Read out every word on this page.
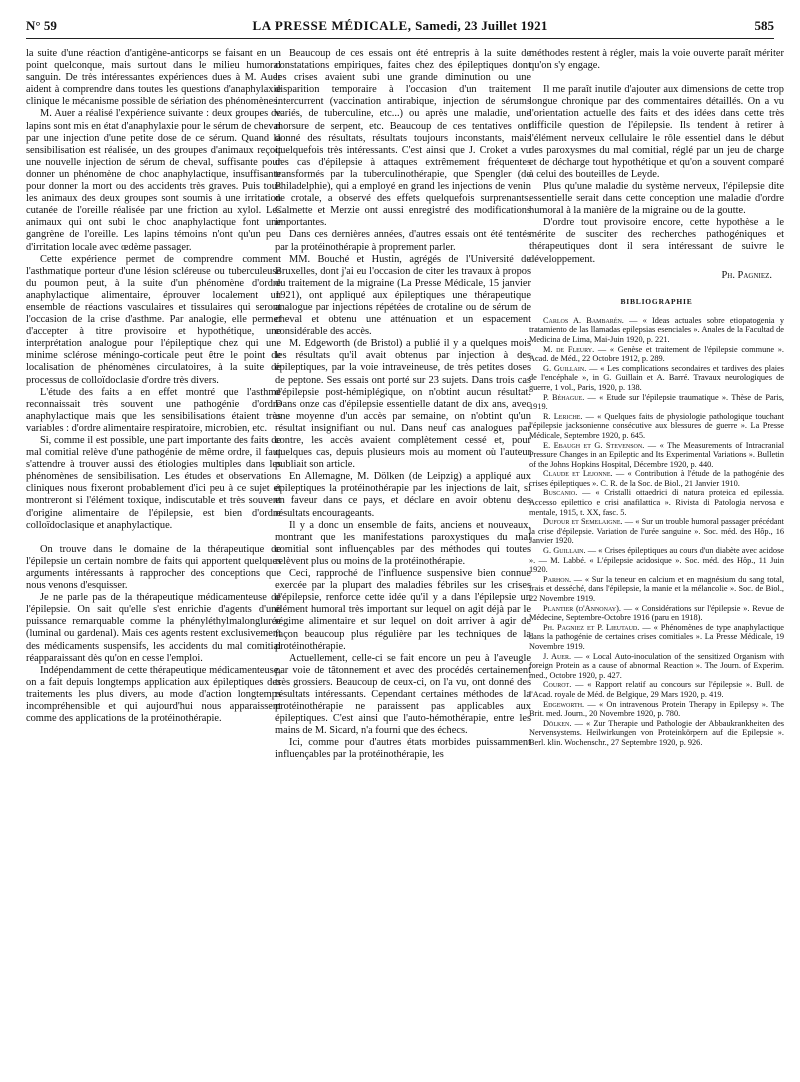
N° 59	LA PRESSE MÉDICALE, Samedi, 23 Juillet 1921	585

la suite d'une réaction d'antigène-anticorps se faisant en un point quelconque, mais surtout dans le milieu humoral sanguin. De très intéressantes expériences dues à M. Auer aident à comprendre dans toutes les questions d'anaphylaxie clinique le mécanisme possible de sériation des phénomènes.

M. Auer a réalisé l'expérience suivante : deux groupes de lapins sont mis en état d'anaphylaxie pour le sérum de cheval par une injection d'une petite dose de ce sérum. Quand la sensibilisation est réalisée, un des groupes d'animaux reçoit une nouvelle injection de sérum de cheval, suffisante pour donner un phénomène de choc anaphylactique, insuffisante pour donner la mort ou des accidents très graves. Puis tous les animaux des deux groupes sont soumis à une irritation cutanée de l'oreille réalisée par une friction au xylol. Les animaux qui ont subi le choc anaphylactique font une gangrène de l'oreille. Les lapins témoins n'ont qu'un peu d'irritation locale avec œdème passager.

Cette expérience permet de comprendre comment l'asthmatique porteur d'une lésion scléreuse ou tuberculeuse du poumon peut, à la suite d'un phénomène d'ordre anaphylactique alimentaire, éprouver localement un ensemble de réactions vasculaires et tissulaires qui seront l'occasion de la crise d'asthme. Par analogie, elle permet d'accepter à titre provisoire et hypothétique, une interprétation analogue pour l'épileptique chez qui une minime sclérose méningo-corticale peut être le point de localisation de phénomènes circulatoires, à la suite de processus de colloïdoclasie d'ordre très divers.

L'étude des faits a en effet montré que l'asthme reconnaissait très souvent une pathogénie d'ordre anaphylactique mais que les sensibilisations étaient très variables : d'ordre alimentaire respiratoire, microbien, etc.

Si, comme il est possible, une part importante des faits de mal comitial relève d'une pathogénie de même ordre, il faut s'attendre à trouver aussi des étiologies multiples dans les phénomènes de sensibilisation. Les études et observations cliniques nous fixeront probablement d'ici peu à ce sujet et montreront si l'élément toxique, indiscutable et très souvent d'origine alimentaire de l'épilepsie, est bien d'ordre colloïdoclasique et anaphylactique.

On trouve dans le domaine de la thérapeutique de l'épilepsie un certain nombre de faits qui apportent quelques arguments intéressants à rapprocher des conceptions que nous venons d'esquisser.

Je ne parle pas de la thérapeutique médicamenteuse de l'épilepsie. On sait qu'elle s'est enrichie d'agents d'une puissance remarquable comme la phényléthylmalonglurée (luminal ou gardenal). Mais ces agents restent exclusivement des médicaments suspensifs, les accidents du mal comitial réapparaissant dès qu'on en cesse l'emploi.

Indépendamment de cette thérapeutique médicamenteuse, on a fait depuis longtemps application aux épileptiques des traitements les plus divers, au mode d'action longtemps incompréhensible et qui aujourd'hui nous apparaissent comme des applications de la protéinothérapie.

Beaucoup de ces essais ont été entrepris à la suite de constatations empiriques, faites chez des épileptiques dont les crises avaient subi une grande diminution ou une disparition temporaire à l'occasion d'un traitement intercurrent (vaccination antirabique, injection de sérums variés, de tuberculine, etc...) ou après une maladie, une morsure de serpent, etc. Beaucoup de ces tentatives ont donné des résultats, résultats toujours inconstants, mais quelquefois très intéressants. C'est ainsi que J. Croket a vu des cas d'épilepsie à attaques extrêmement fréquentes transformés par la tuberculinothérapie, que Spengler (de Philadelphie), qui a employé en grand les injections de venin de crotale, a observé des effets quelquefois surprenants. Calmette et Merzie ont aussi enregistré des modifications importantes.

Dans ces dernières années, d'autres essais ont été tentés par la protéinothérapie à proprement parler.

MM. Bouché et Hustin, agrégés de l'Université de Bruxelles, dont j'ai eu l'occasion de citer les travaux à propos du traitement de la migraine (La Presse Médicale, 15 janvier 1921), ont appliqué aux épileptiques une thérapeutique analogue par injections répétées de crotaline ou de sérum de cheval et obtenu une atténuation et un espacement considérable des accès.

M. Edgeworth (de Bristol) a publié il y a quelques mois les résultats qu'il avait obtenus par injection à des épileptiques, par la voie intraveineuse, de très petites doses de peptone. Ses essais ont porté sur 23 sujets. Dans trois cas d'épilepsie post-hémiplégique, on n'obtint aucun résultat. Dans onze cas d'épilepsie essentielle datant de dix ans, avec une moyenne d'un accès par semaine, on n'obtint qu'un résultat insignifiant ou nul. Dans neuf cas analogues par contre, les accès avaient complètement cessé et, pour quelques cas, depuis plusieurs mois au moment où l'auteur publiait son article.

En Allemagne, M. Dölken (de Leipzig) a appliqué aux épileptiques la protéinothérapie par les injections de lait, si en faveur dans ce pays, et déclare en avoir obtenu des résultats encourageants.

Il y a donc un ensemble de faits, anciens et nouveaux, montrant que les manifestations paroxystiques du mal comitial sont influençables par des méthodes qui toutes relèvent plus ou moins de la protéinothérapie.

Ceci, rapproché de l'influence suspensive bien connue exercée par la plupart des maladies fébriles sur les crises d'épilepsie, renforce cette idée qu'il y a dans l'épilepsie un élément humoral très important sur lequel on agit déjà par le régime alimentaire et sur lequel on doit arriver à agir de façon beaucoup plus régulière par les techniques de la protéinothérapie.

Actuellement, celle-ci se fait encore un peu à l'aveugle par voie de tâtonnement et avec des procédés certainement très grossiers. Beaucoup de ceux-ci, on l'a vu, ont donné des résultats intéressants. Cependant certaines méthodes de la protéinothérapie ne paraissent pas applicables aux épileptiques. C'est ainsi que l'auto-hémothérapie, entre les mains de M. Sicard, n'a fourni que des échecs.

Ici, comme pour d'autres états morbides puissamment influençables par la protéinothérapie, les

méthodes restent à régler, mais la voie ouverte paraît mériter qu'on s'y engage.

Il me paraît inutile d'ajouter aux dimensions de cette trop longue chronique par des commentaires détaillés. On a vu l'orientation actuelle des faits et des idées dans cette très difficile question de l'épilepsie. Ils tendent à retirer à l'élément nerveux cellulaire le rôle essentiel dans le début des paroxysmes du mal comitial, réglé par un jeu de charge et de décharge tout hypothétique et qu'on a souvent comparé à celui des bouteilles de Leyde.

Plus qu'une maladie du système nerveux, l'épilepsie dite essentielle serait dans cette conception une maladie d'ordre humoral à la manière de la migraine ou de la goutte.

D'ordre tout provisoire encore, cette hypothèse a le mérite de susciter des recherches pathogéniques et thérapeutiques dont il sera intéressant de suivre le développement.

Ph. Pagniez.
BIBLIOGRAPHIE

Carlos A. Bambarén. — « Ideas actuales sobre etiopatogenia y tratamiento de las llamadas epilepsias esenciales ». Anales de la Facultad de Medicina de Lima, Mai-Juin 1920, p. 221.

M. de Fleury. — « Genèse et traitement de l'épilepsie commune ». Acad. de Méd., 22 Octobre 1912, p. 289.

G. Guillain. — « Les complications secondaires et tardives des plaies de l'encéphale », in G. Guillain et A. Barré. Travaux neurologiques de guerre, 1 vol., Paris, 1920, p. 138.

P. Béhague. — « Etude sur l'épilepsie traumatique ». Thèse de Paris, 1919.

R. Leriche. — « Quelques faits de physiologie pathologique touchant l'épilepsie jacksonienne consécutive aux blessures de guerre ». La Presse Médicale, Septembre 1920, p. 645.

E. Ebaugh et G. Stevenson. — « The Measurements of Intracranial Pressure Changes in an Epileptic and Its Experimental Variations ». Bulletin of the Johns Hopkins Hospital, Décembre 1920, p. 440.

Claude et Lejonne. — « Contribution à l'étude de la pathogénie des crises épileptiques ». C. R. de la Soc. de Biol., 21 Janvier 1910.

Buscanio. — « Cristalli ottaedrici di natura proteica ed epilessia. Accesso epilettico e crisi anafilattica ». Rivista di Patologia nervosa e mentale, 1915, t. XX, fasc. 5.

Dufour et Semelaigne. — « Sur un trouble humoral passager précédant la crise d'épilepsie. Variation de l'urée sanguine ». Soc. méd. des Hôp., 16 Janvier 1920.

G. Guillain. — « Crises épileptiques au cours d'un diabète avec acidose ». — M. Labbé. « L'épilepsie acidosique ». Soc. méd. des Hôp., 11 Juin 1920.

Parhon. — « Sur la teneur en calcium et en magnésium du sang total, frais et desséché, dans l'épilepsie, la manie et la mélancolie ». Soc. de Biol., 22 Novembre 1919.

Plantier (d'Annonay). — « Considérations sur l'épilepsie ». Revue de Médecine, Septembre-Octobre 1916 (paru en 1918).

Ph. Pagniez et P. Lieutaud. — « Phénomènes de type anaphylactique dans la pathogénie de certaines crises comitiales ». La Presse Médicale, 19 Novembre 1919.

J. Auer. — « Local Auto-inoculation of the sensitized Organism with foreign Protein as a cause of abnormal Reaction ». The Journ. of Experim. med., Octobre 1920, p. 427.

Courot. — « Rapport relatif au concours sur l'épilepsie ». Bull. de l'Acad. royale de Méd. de Belgique, 29 Mars 1920, p. 419.

Edgeworth. — « On intravenous Protein Therapy in Epilepsy ». The Brit. med. Journ., 20 Novembre 1920, p. 780.

Dölken. — « Zur Therapie und Pathologie der Abbaukrankheiten des Nervensystems. Heilwirkungen von Proteinkörpern auf die Epilepsie ». Berl. klin. Wochenschr., 27 Septembre 1920, p. 926.
